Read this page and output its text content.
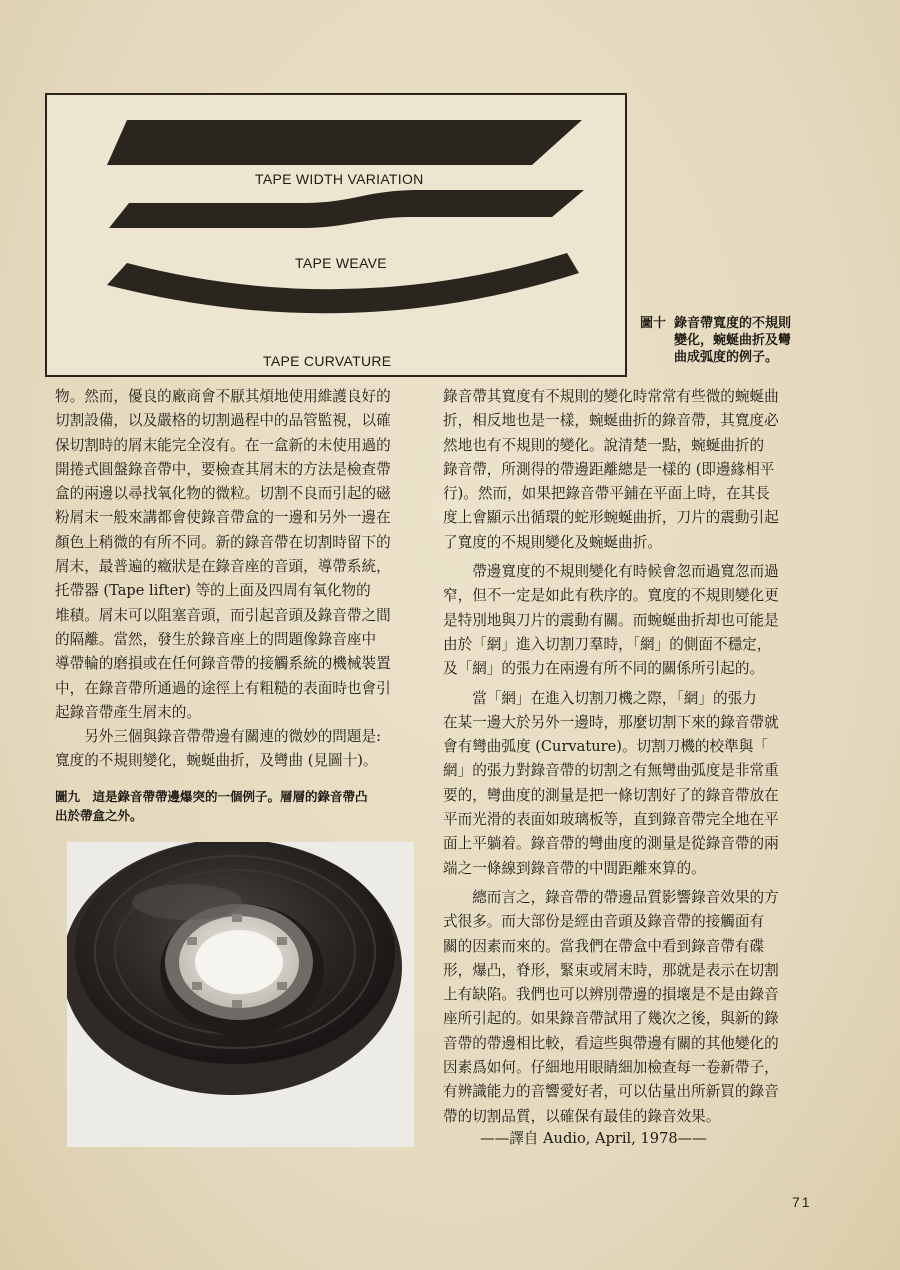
TAPE WIDTH VARIATION
TAPE WEAVE
TAPE CURVATURE
圖十 錄音帶寬度的不規則
變化，蜿蜒曲折及彎
曲成弧度的例子。
物。然而，優良的廠商會不厭其煩地使用維護良好的
切割設備，以及嚴格的切割過程中的品管監視，以確
保切割時的屑末能完全沒有。在一盒新的未使用過的
開捲式圓盤錄音帶中，要檢查其屑末的方法是檢查帶
盒的兩邊以尋找氧化物的微粒。切割不良而引起的磁
粉屑末一般來講都會使錄音帶盒的一邊和另外一邊在
顏色上稍微的有所不同。新的錄音帶在切割時留下的
屑末，最普遍的癥狀是在錄音座的音頭，導帶系統，
托帶器 (Tape lifter) 等的上面及四周有氧化物的
堆積。屑末可以阻塞音頭，而引起音頭及錄音帶之間
的隔離。當然，發生於錄音座上的問題像錄音座中
導帶輪的磨損或在任何錄音帶的接觸系統的機械裝置
中，在錄音帶所通過的途徑上有粗糙的表面時也會引
起錄音帶產生屑末的。
另外三個與錄音帶帶邊有關連的微妙的問題是:
寬度的不規則變化，蜿蜒曲折，及彎曲 (見圖十)。
圖九　這是錄音帶帶邊爆突的一個例子。層層的錄音帶凸
出於帶盒之外。
錄音帶其寬度有不規則的變化時常常有些微的蜿蜒曲
折，相反地也是一樣，蜿蜒曲折的錄音帶，其寬度必
然地也有不規則的變化。說清楚一點，蜿蜒曲折的
錄音帶，所測得的帶邊距離總是一樣的 (即邊緣相平
行)。然而，如果把錄音帶平鋪在平面上時，在其長
度上會顯示出循環的蛇形蜿蜒曲折，刀片的震動引起
了寬度的不規則變化及蜿蜒曲折。
帶邊寬度的不規則變化有時候會忽而過寬忽而過
窄，但不一定是如此有秩序的。寬度的不規則變化更
是特別地與刀片的震動有關。而蜿蜒曲折却也可能是
由於「網」進入切割刀羣時，「網」的側面不穩定，
及「網」的張力在兩邊有所不同的關係所引起的。
當「網」在進入切割刀機之際，「網」的張力
在某一邊大於另外一邊時，那麼切割下來的錄音帶就
會有彎曲弧度 (Curvature)。切割刀機的校準與「
網」的張力對錄音帶的切割之有無彎曲弧度是非常重
要的，彎曲度的測量是把一條切割好了的錄音帶放在
平而光滑的表面如玻璃板等，直到錄音帶完全地在平
面上平躺着。錄音帶的彎曲度的測量是從錄音帶的兩
端之一條線到錄音帶的中間距離來算的。
總而言之，錄音帶的帶邊品質影響錄音效果的方
式很多。而大部份是經由音頭及錄音帶的接觸面有
關的因素而來的。當我們在帶盒中看到錄音帶有碟
形，爆凸，脊形，緊束或屑末時，那就是表示在切割
上有缺陷。我們也可以辨別帶邊的損壞是不是由錄音
座所引起的。如果錄音帶試用了幾次之後，與新的錄
音帶的帶邊相比較，看這些與帶邊有關的其他變化的
因素爲如何。仔細地用眼睛細加檢查每一卷新帶子，
有辨識能力的音響愛好者，可以估量出所新買的錄音
帶的切割品質，以確保有最佳的錄音效果。
——譯自 Audio, April, 1978——
71
